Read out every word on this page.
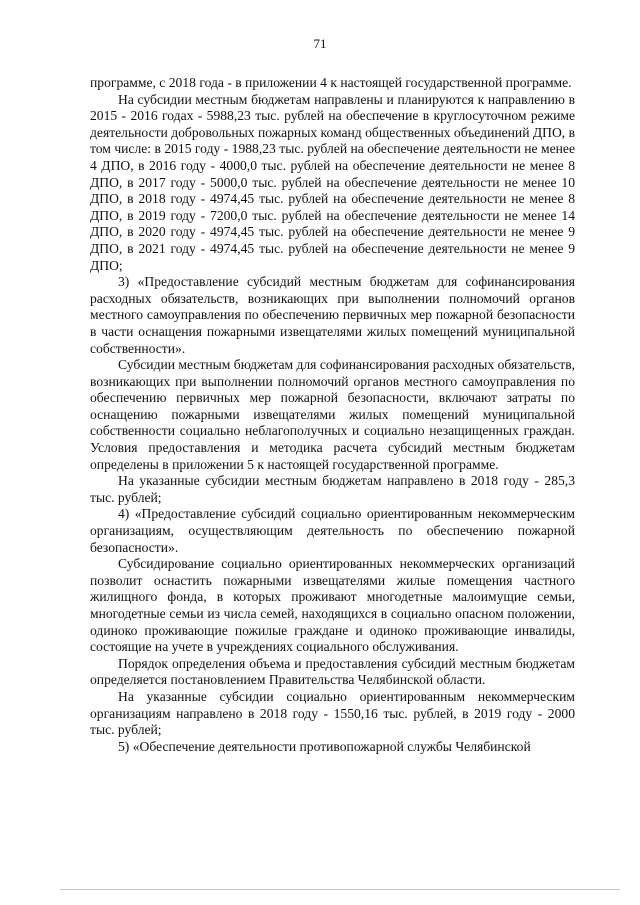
71

программе, с 2018 года - в приложении 4 к настоящей государственной программе.

На субсидии местным бюджетам направлены и планируются к направлению в 2015 - 2016 годах - 5988,23 тыс. рублей на обеспечение в круглосуточном режиме деятельности добровольных пожарных команд общественных объединений ДПО, в том числе: в 2015 году - 1988,23 тыс. рублей на обеспечение деятельности не менее 4 ДПО, в 2016 году - 4000,0 тыс. рублей на обеспечение деятельности не менее 8 ДПО, в 2017 году - 5000,0 тыс. рублей на обеспечение деятельности не менее 10 ДПО, в 2018 году - 4974,45 тыс. рублей на обеспечение деятельности не менее 8 ДПО, в 2019 году - 7200,0 тыс. рублей на обеспечение деятельности не менее 14 ДПО, в 2020 году - 4974,45 тыс. рублей на обеспечение деятельности не менее 9 ДПО, в 2021 году - 4974,45 тыс. рублей на обеспечение деятельности не менее 9 ДПО;

3) «Предоставление субсидий местным бюджетам для софинансирования расходных обязательств, возникающих при выполнении полномочий органов местного самоуправления по обеспечению первичных мер пожарной безопасности в части оснащения пожарными извещателями жилых помещений муниципальной собственности».

Субсидии местным бюджетам для софинансирования расходных обязательств, возникающих при выполнении полномочий органов местного самоуправления по обеспечению первичных мер пожарной безопасности, включают затраты по оснащению пожарными извещателями жилых помещений муниципальной собственности социально неблагополучных и социально незащищенных граждан. Условия предоставления и методика расчета субсидий местным бюджетам определены в приложении 5 к настоящей государственной программе.

На указанные субсидии местным бюджетам направлено в 2018 году - 285,3 тыс. рублей;

4) «Предоставление субсидий социально ориентированным некоммерческим организациям, осуществляющим деятельность по обеспечению пожарной безопасности».

Субсидирование социально ориентированных некоммерческих организаций позволит оснастить пожарными извещателями жилые помещения частного жилищного фонда, в которых проживают многодетные малоимущие семьи, многодетные семьи из числа семей, находящихся в социально опасном положении, одиноко проживающие пожилые граждане и одиноко проживающие инвалиды, состоящие на учете в учреждениях социального обслуживания.

Порядок определения объема и предоставления субсидий местным бюджетам определяется постановлением Правительства Челябинской области.

На указанные субсидии социально ориентированным некоммерческим организациям направлено в 2018 году - 1550,16 тыс. рублей, в 2019 году - 2000 тыс. рублей;

5) «Обеспечение деятельности противопожарной службы Челябинской
